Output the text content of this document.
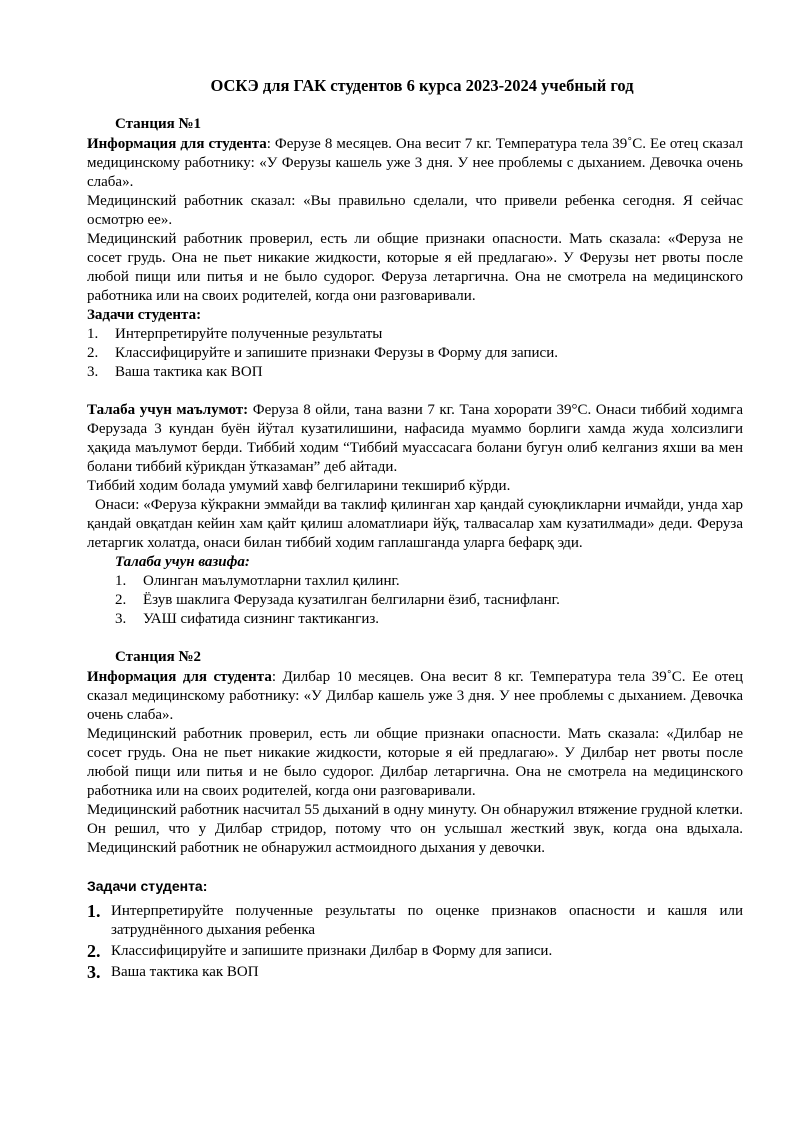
ОСКЭ для ГАК студентов 6 курса 2023-2024 учебный год
Станция №1

Информация для студента: Ферузе 8 месяцев. Она весит 7 кг. Температура тела 39˚С. Ее отец сказал медицинскому работнику: «У Ферузы кашель уже 3 дня. У нее проблемы с дыханием. Девочка очень слаба».

Медицинский работник сказал: «Вы правильно сделали, что привели ребенка сегодня. Я сейчас осмотрю ее».

Медицинский работник проверил, есть ли общие признаки опасности. Мать сказала: «Феруза не сосет грудь. Она не пьет никакие жидкости, которые я ей предлагаю». У Ферузы нет рвоты после любой пищи или питья и не было судорог. Феруза летаргична. Она не смотрела на медицинского работника или на своих родителей, когда они разговаривали.

Задачи студента:
1.	Интерпретируйте полученные результаты
2.	Классифицируйте и запишите признаки Ферузы в Форму для записи.
3.	Ваша тактика как ВОП

Талаба учун маълумот: Феруза 8 ойли, тана вазни 7 кг. Тана хорорати 39°С. Онаси тиббий ходимга Ферузада 3 кундан буён йўтал кузатилишини, нафасида муаммо борлиги хамда жуда холсизлиги ҳақида маълумот берди. Тиббий ходим “Тиббий муассасага болани бугун олиб келганиз яхши ва мен болани тиббий кўрикдан ўтказаман” деб айтади.

Тиббий ходим болада умумий хавф белгиларини текшириб кўрди.

Онаси: «Феруза кўкракни эммайди ва таклиф қилинган хар қандай суюқликларни ичмайди, унда хар қандай овқатдан кейин хам қайт қилиш аломатлиари йўқ, талвасалар хам кузатилмади» деди. Феруза летаргик холатда, онаси билан тиббий ходим гаплашганда уларга бефарқ эди.

Талаба учун вазифа:
1. Олинган маълумотларни тахлил қилинг.
2. Ёзув шаклига Ферузада кузатилган белгиларни ёзиб, таснифланг.
3. УАШ сифатида сизнинг тактикангиз.
Станция №2

Информация для студента: Дилбар 10 месяцев. Она весит 8 кг. Температура тела 39˚С. Ее отец сказал медицинскому работнику: «У Дилбар кашель уже 3 дня. У нее проблемы с дыханием. Девочка очень слаба».

Медицинский работник проверил, есть ли общие признаки опасности. Мать сказала: «Дилбар не сосет грудь. Она не пьет никакие жидкости, которые я ей предлагаю». У Дилбар нет рвоты после любой пищи или питья и не было судорог. Дилбар летаргична. Она не смотрела на медицинского работника или на своих родителей, когда они разговаривали.

Медицинский работник насчитал 55 дыханий в одну минуту. Он обнаружил втяжение грудной клетки. Он решил, что у Дилбар стридор, потому что он услышал жесткий звук, когда она вдыхала. Медицинский работник не обнаружил астмоидного дыхания у девочки.

Задачи студента:
1. Интерпретируйте полученные результаты по оценке признаков опасности и кашля или затруднённого дыхания ребенка
2. Классифицируйте и запишите признаки Дилбар в Форму для записи.
3. Ваша тактика как ВОП
